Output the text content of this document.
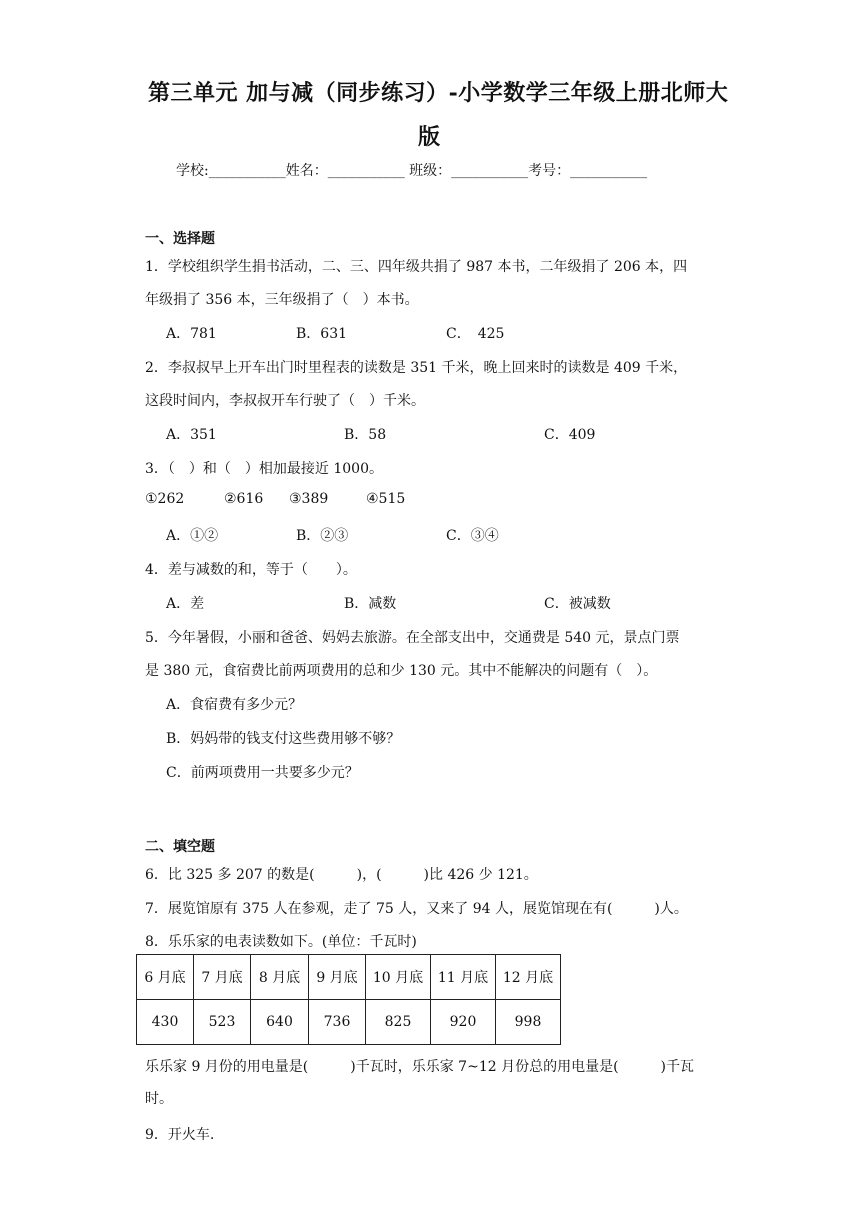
第三单元 加与减（同步练习）-小学数学三年级上册北师大
版
学校:___________姓名：___________ 班级：___________考号：___________
一、选择题
1．学校组织学生捐书活动，二、三、四年级共捐了 987 本书，二年级捐了 206 本，四
年级捐了 356 本，三年级捐了（　）本书。
A．781	B．631	C．　425
2．李叔叔早上开车出门时里程表的读数是 351 千米，晚上回来时的读数是 409 千米，
这段时间内，李叔叔开车行驶了（　）千米。
A．351	B．58	C．409
3．（　）和（　）相加最接近 1000。
①262	②616 ③389	④515
A．①②	B．②③	C．③④
4．差与减数的和，等于（　　）。
A．差	B．减数	C．被减数
5．今年暑假，小丽和爸爸、妈妈去旅游。在全部支出中，交通费是 540 元，景点门票
是 380 元，食宿费比前两项费用的总和少 130 元。其中不能解决的问题有（　）。
A．食宿费有多少元？
B．妈妈带的钱支付这些费用够不够？
C．前两项费用一共要多少元？
二、填空题
6．比 325 多 207 的数是(　　　)，(　　　)比 426 少 121。
7．展览馆原有 375 人在参观，走了 75 人，又来了 94 人，展览馆现在有(　　　)人。
8．乐乐家的电表读数如下。(单位：千瓦时)
6 月底	7 月底	8 月底	9 月底	10 月底	11 月底	12 月底
430	523	640	736	825	920	998
乐乐家 9 月份的用电量是(　　　)千瓦时，乐乐家 7~12 月份总的用电量是(　　　)千瓦
时。
9．开火车.
